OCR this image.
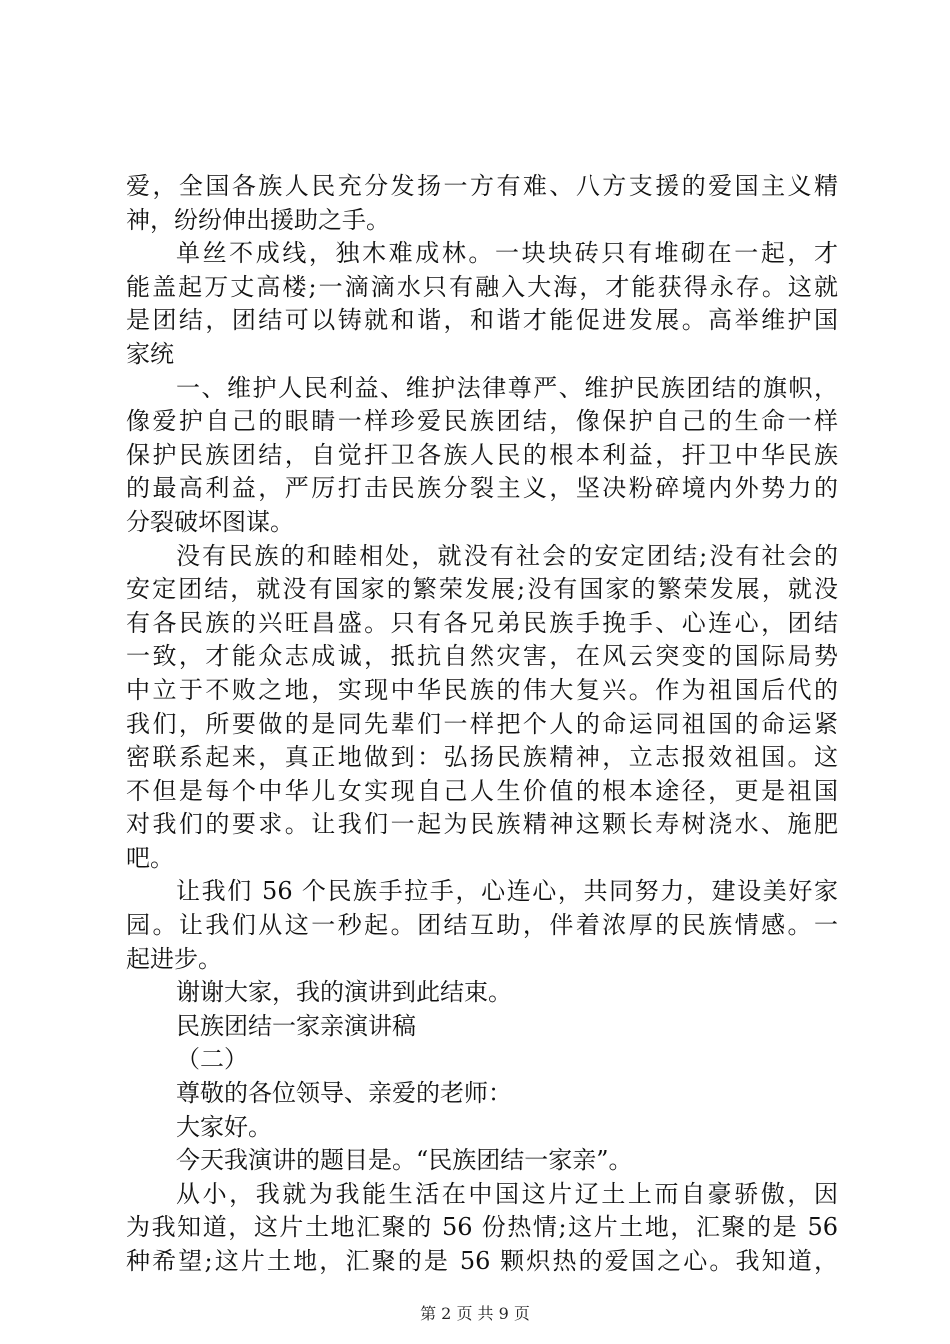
爱，全国各族人民充分发扬一方有难、八方支援的爱国主义精
神，纷纷伸出援助之手。
单丝不成线，独木难成林。一块块砖只有堆砌在一起，才
能盖起万丈高楼;一滴滴水只有融入大海，才能获得永存。这就
是团结，团结可以铸就和谐，和谐才能促进发展。高举维护国
家统
一、维护人民利益、维护法律尊严、维护民族团结的旗帜，
像爱护自己的眼睛一样珍爱民族团结，像保护自己的生命一样
保护民族团结，自觉扞卫各族人民的根本利益，扞卫中华民族
的最高利益，严厉打击民族分裂主义，坚决粉碎境内外势力的
分裂破坏图谋。
没有民族的和睦相处，就没有社会的安定团结;没有社会的
安定团结，就没有国家的繁荣发展;没有国家的繁荣发展，就没
有各民族的兴旺昌盛。只有各兄弟民族手挽手、心连心，团结
一致，才能众志成诚，抵抗自然灾害，在风云突变的国际局势
中立于不败之地，实现中华民族的伟大复兴。作为祖国后代的
我们，所要做的是同先辈们一样把个人的命运同祖国的命运紧
密联系起来，真正地做到：弘扬民族精神，立志报效祖国。这
不但是每个中华儿女实现自己人生价值的根本途径，更是祖国
对我们的要求。让我们一起为民族精神这颗长寿树浇水、施肥
吧。
让我们 56 个民族手拉手，心连心，共同努力，建设美好家
园。让我们从这一秒起。团结互助，伴着浓厚的民族情感。一
起进步。
谢谢大家，我的演讲到此结束。
民族团结一家亲演讲稿
（二）
尊敬的各位领导、亲爱的老师：
大家好。
今天我演讲的题目是。“民族团结一家亲”。
从小，我就为我能生活在中国这片辽土上而自豪骄傲，因
为我知道，这片土地汇聚的 56 份热情;这片土地，汇聚的是 56
种希望;这片土地，汇聚的是 56 颗炽热的爱国之心。我知道，
第 2 页 共 9 页
